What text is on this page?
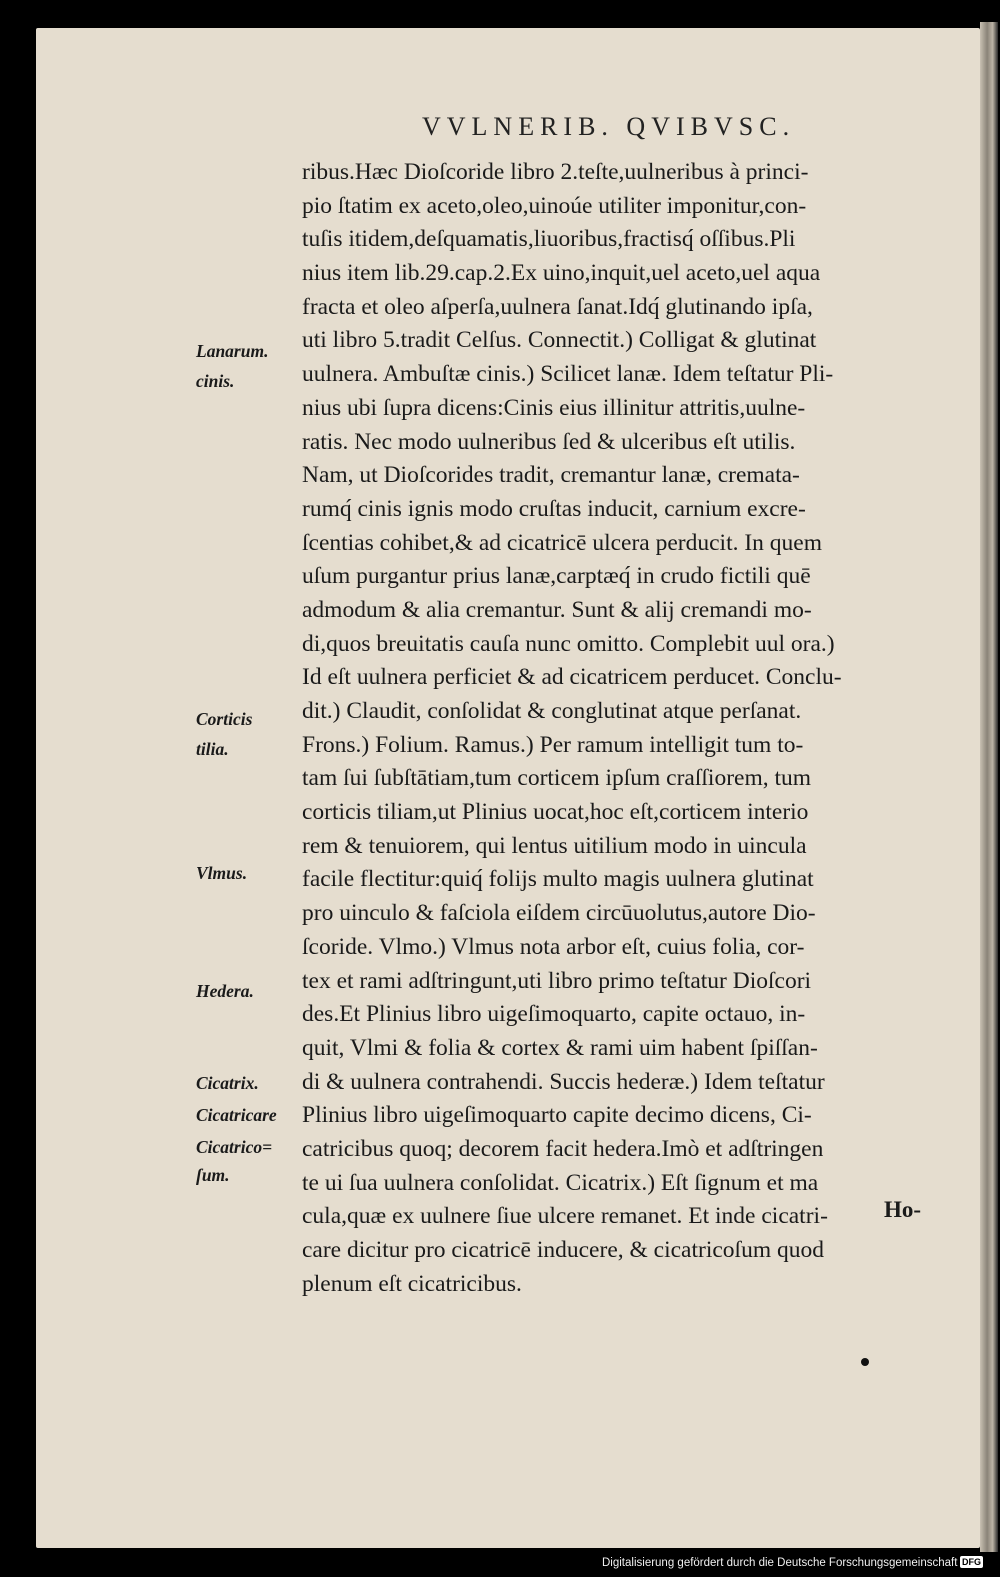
VVLNERIB. QVIBVSC.
ribus.Hæc Dioſcoride libro 2.teſte,uulneribus à princi-
pio ſtatim ex aceto,oleo,uinoúe utiliter imponitur,con-
tuſis itidem,deſquamatis,liuoribus,fractisq́ oſſibus.Pli
nius item lib.29.cap.2.Ex uino,inquit,uel aceto,uel aqua
fracta et oleo aſperſa,uulnera ſanat.Idq́ glutinando ipſa,
uti libro 5.tradit Celſus. Connectit.) Colligat & glutinat
uulnera. Ambuſtæ cinis.) Scilicet lanæ. Idem teſtatur Pli-
nius ubi ſupra dicens:Cinis eius illinitur attritis,uulne-
ratis. Nec modo uulneribus ſed & ulceribus eſt utilis.
Nam, ut Dioſcorides tradit, cremantur lanæ, cremata-
rumq́ cinis ignis modo cruſtas inducit, carnium excre-
ſcentias cohibet,& ad cicatricē ulcera perducit. In quem
uſum purgantur prius lanæ,carptæq́ in crudo fictili quē
admodum & alia cremantur. Sunt & alij cremandi mo-
di,quos breuitatis cauſa nunc omitto. Complebit uul ora.)
Id eſt uulnera perficiet & ad cicatricem perducet. Conclu-
dit.) Claudit, conſolidat & conglutinat atque perſanat.
Frons.) Folium. Ramus.) Per ramum intelligit tum to-
tam ſui ſubſtātiam,tum corticem ipſum craſſiorem, tum
corticis tiliam,ut Plinius uocat,hoc eſt,corticem interio
rem & tenuiorem, qui lentus uitilium modo in uincula
facile flectitur:quiq́ folijs multo magis uulnera glutinat
pro uinculo & faſciola eiſdem circūuolutus,autore Dio-
ſcoride. Vlmo.) Vlmus nota arbor eſt, cuius folia, cor-
tex et rami adſtringunt,uti libro primo teſtatur Dioſcori
des.Et Plinius libro uigeſimoquarto, capite octauo, in-
quit, Vlmi & folia & cortex & rami uim habent ſpiſſan-
di & uulnera contrahendi. Succis hederæ.) Idem teſtatur
Plinius libro uigeſimoquarto capite decimo dicens, Ci-
catricibus quoq; decorem facit hedera.Imò et adſtringen
te ui ſua uulnera conſolidat. Cicatrix.) Eſt ſignum et ma
cula,quæ ex uulnere ſiue ulcere remanet. Et inde cicatri-
care dicitur pro cicatricē inducere, & cicatricoſum quod
plenum eſt cicatricibus.
Lanarum.
cinis.
Corticis
tilia.
Vlmus.
Hedera.
Cicatrix.
Cicatricare
Cicatrico=
ſum.
Ho-
Digitalisierung gefördert durch die Deutsche Forschungsgemeinschaft DFG
